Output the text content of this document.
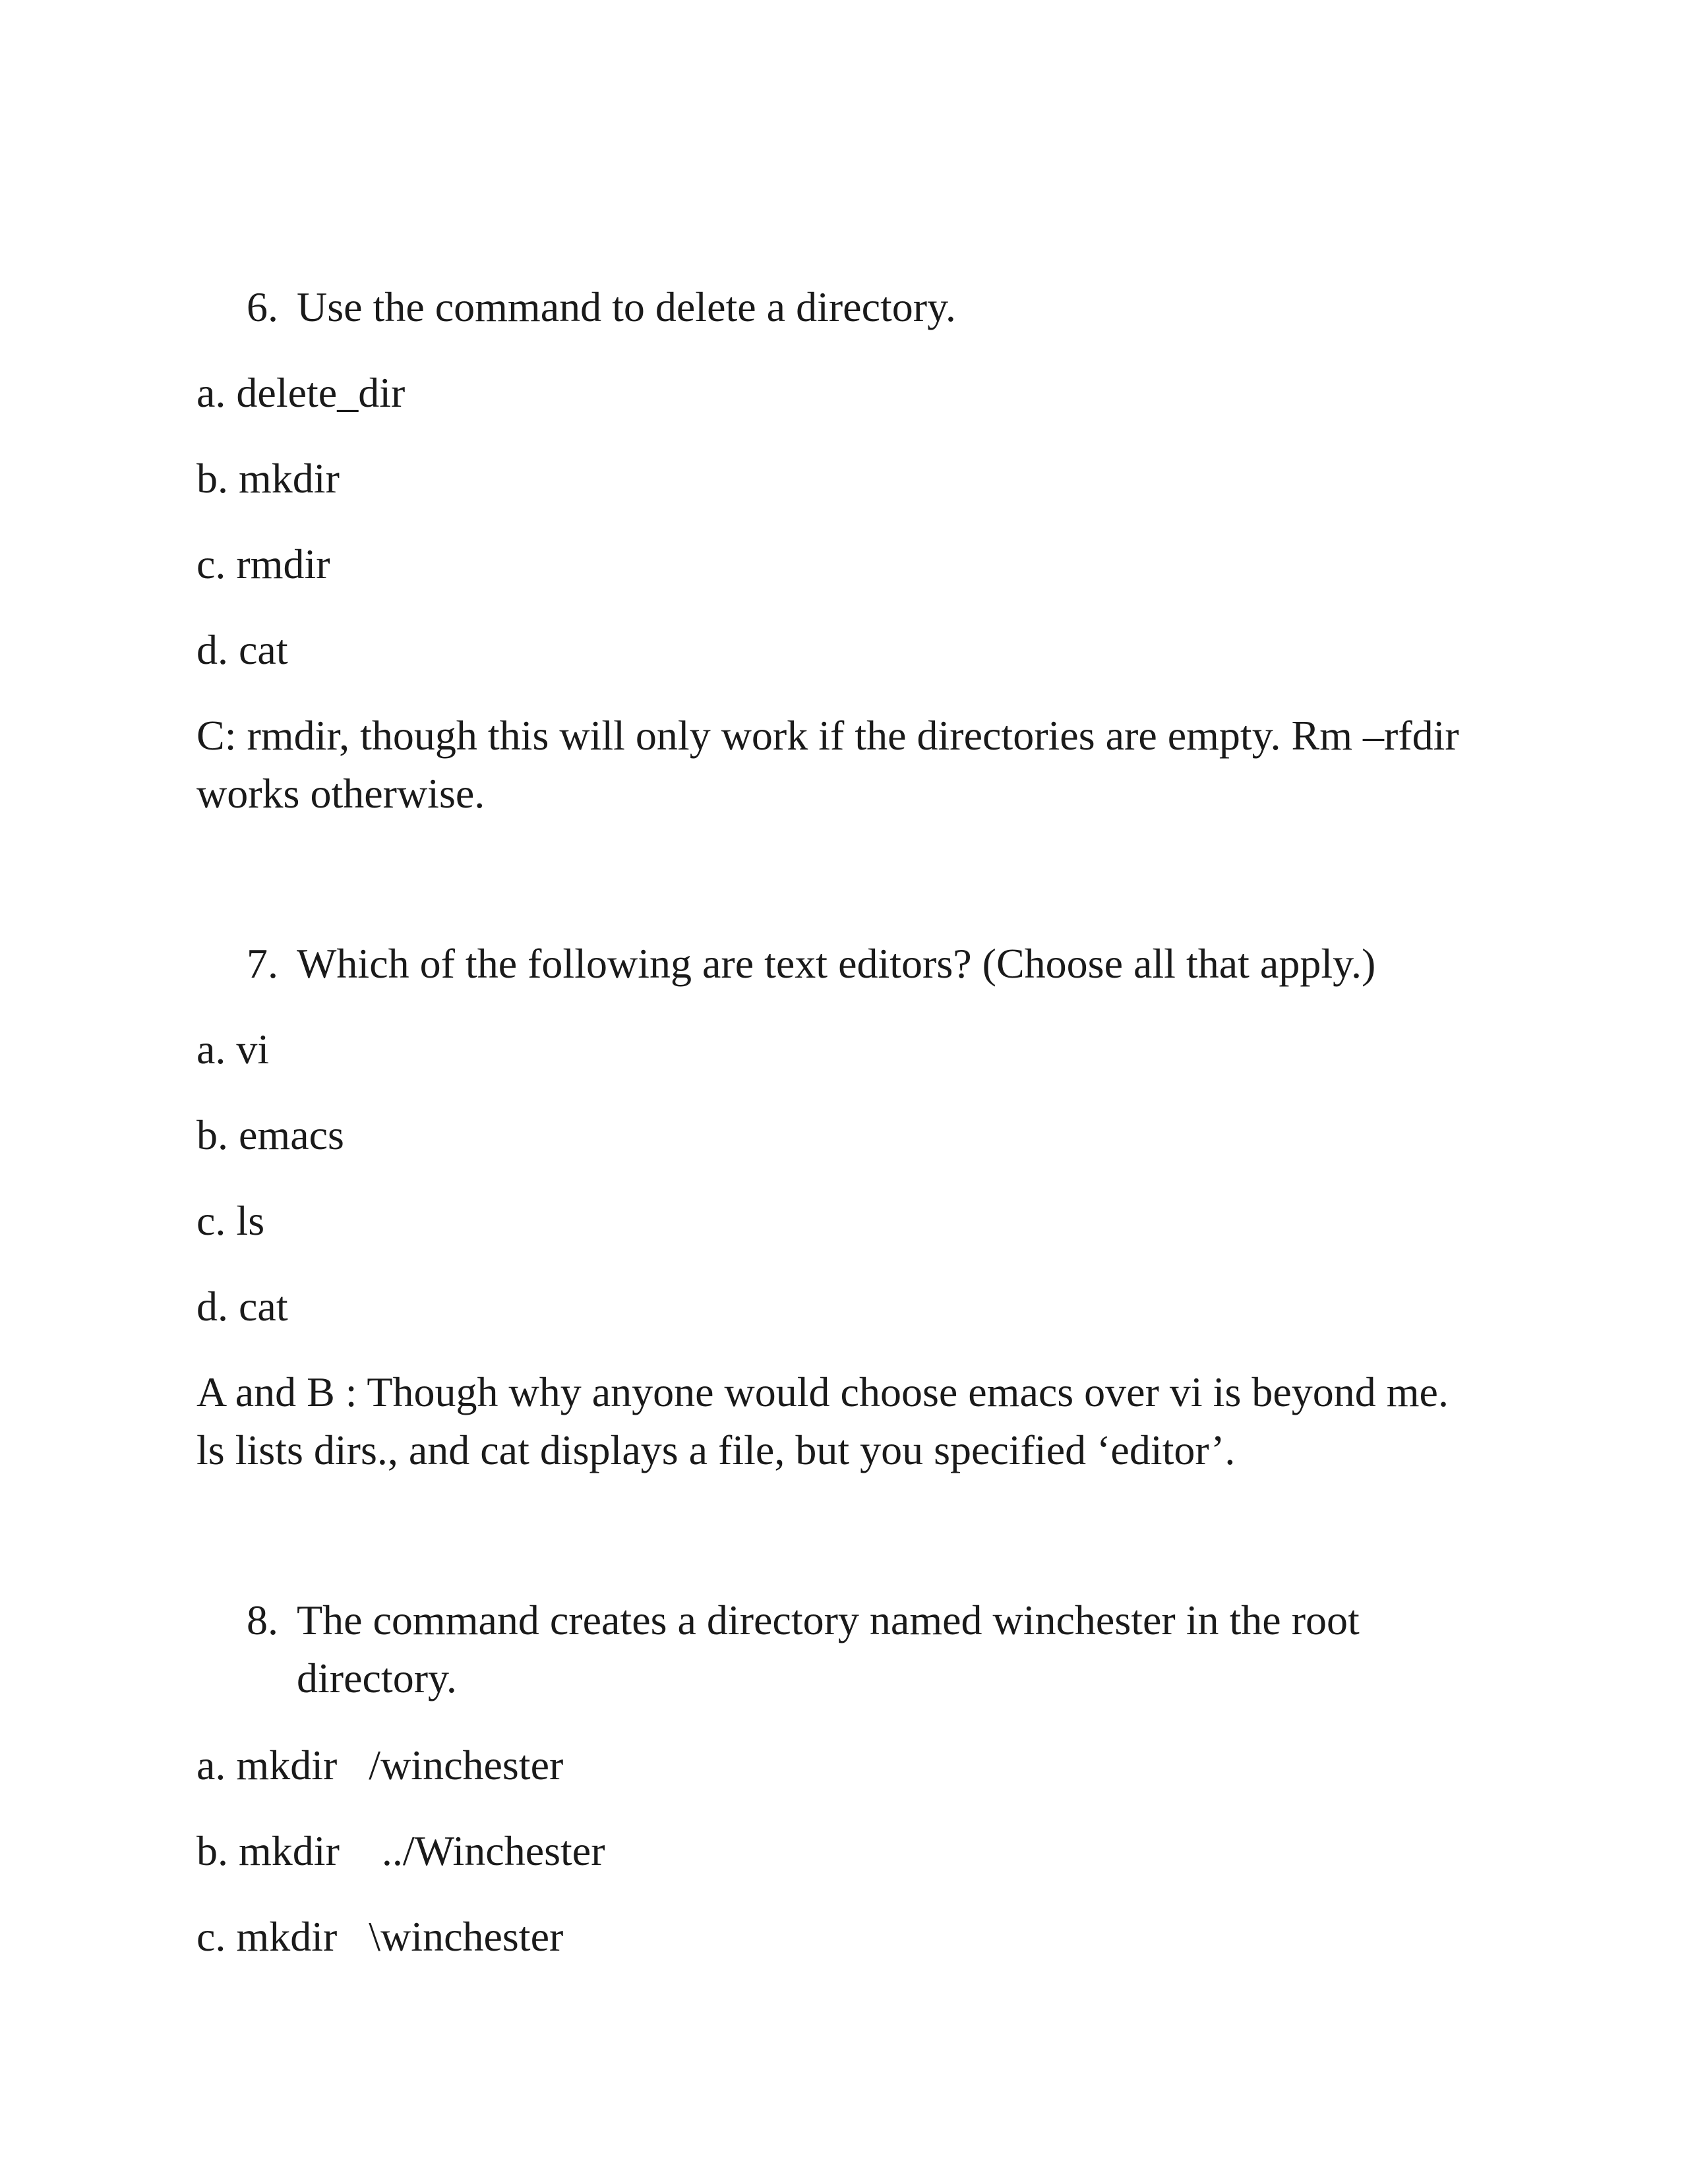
6. Use the command to delete a directory.

a. delete_dir

b. mkdir

c. rmdir

d. cat

C: rmdir, though this will only work if the directories are empty. Rm –rfdir works otherwise.
7. Which of the following are text editors? (Choose all that apply.)

a. vi

b. emacs

c. ls

d. cat

A and B : Though why anyone would choose emacs over vi is beyond me. ls lists dirs., and cat displays a file, but you specified ‘editor’.
8. The command creates a directory named winchester in the root directory.

a. mkdir   /winchester

b. mkdir    ../Winchester

c. mkdir   \winchester
